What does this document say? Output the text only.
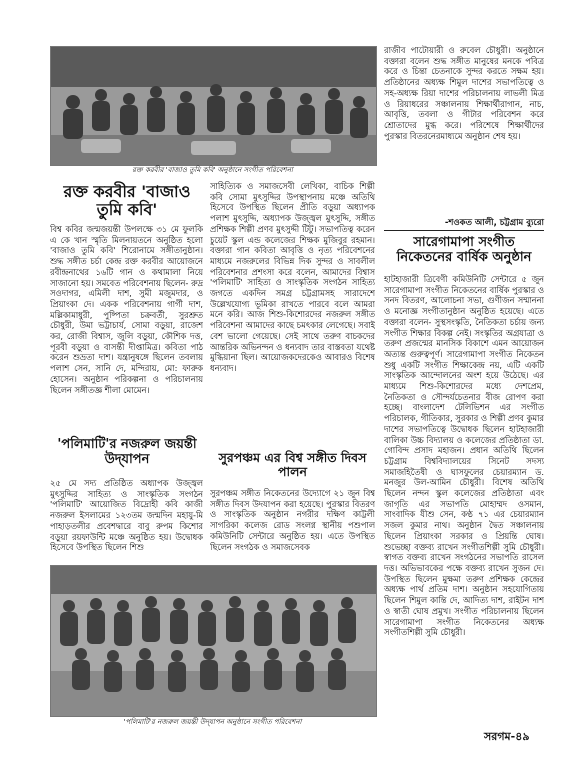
রক্ত করবীর 'বাজাও তুমি কবি' অনুষ্ঠানে সংগীত পরিবেশনা
রক্ত করবীর 'বাজাও তুমি কবি'
বিশ্ব কবির জন্মজয়ন্তী উপলক্ষে ৩১ মে ফুলকি এ কে খান স্মৃতি মিলনায়তনে অনুষ্ঠিত হলো 'বাজাও তুমি কবি' শিরোনামে সঙ্গীতানুষ্ঠান। শুদ্ধ সঙ্গীত চর্চা কেন্দ্র রক্ত করবীর আয়োজনে রবীন্দ্রনাথের ১৬টি গান ও কথামালা নিয়ে সাজানো হয়। সমবেত পরিবেশনায় ছিলেন- রুদ্র সওদাগর, এমিলী দাশ, সুমী মজুমদার, ও প্রিয়াংকা দে। একক পরিবেশনায় গার্গী দাশ, মল্লিকামাধুরী, পুষ্পিতা চক্রবর্তী, সুরশ্রুত চৌধুরী, উমা ভট্টাচার্য, সোমা বড়ুয়া, রাজেশ কর, রোজী বিশ্বাস, জুলি বড়ুয়া, কৌশিক দত্ত, পূরবী বড়ুয়া ও বাসন্তী দীপ্তামিত্র। কবিতা পাঠ করেন শুভ্রতা দাশ। যন্ত্রানুষঙ্গে ছিলেন তবলায় পলাশ সেন, সানি দে, মন্দিরায়, মো: ফারুক হোসেন। অনুষ্ঠান পরিকল্পনা ও পরিচালনায় ছিলেন সঙ্গীতজ্ঞ শীলা মোমেন।
'পলিমাটি'র নজরুল জয়ন্তী উদ্‌যাপন
২৫ মে সদ্য প্রতিষ্ঠিত অধ্যাপক উজ্জ্বল মুৎসুদ্দির সাহিত্য ও সাংস্কৃতিক সংগঠন 'পলিমাটি' আয়োজিত বিদ্রোহী কবি কাজী নজরুল ইসলামের ১২৩তম জন্মদিন মহাযু-মি পাহাড়তলীর প্রবেশদ্বারে বাবু রুপম কিশোর বড়ুয়া রয়ফাউন্টি মঞ্চে অনুষ্ঠিত হয়। উদ্বোধক হিসেবে উপস্থিত ছিলেন শিশু
সাহিত্যিক ও সমাজসেবী লেখিকা, বাচিক শিল্পী কবি সোমা মুৎসুদ্দির উপস্থাপনায় মঞ্চে অতিথি হিসেবে উপস্থিত ছিলেন প্রীতি বড়ুয়া অধ্যাপক পলাশ মুৎসুদ্দি, অধ্যাপক উজ্জ্বল মুৎসুদ্দি, সঙ্গীত প্রশিক্ষক শিল্পী প্রণব মুৎসুদ্দী টিটু। সভাপতিত্ব করেন চুয়েট স্কুল এন্ড কলেজের শিক্ষক মুজিবুর রহমান। বক্তারা গান কবিতা আবৃত্তি ও নৃত্য পরিবেশনের মাধ্যমে নজরুলের বিভিন্ন দিক সুন্দর ও সাবলীল পরিবেশনার প্রশংসা করে বলেন, আমাদের বিশ্বাস 'পলিমাটি' সাহিত্য ও সাংস্কৃতিক সংগঠন সাহিত্য জগতে একদিন সমগ্র চট্টগ্রামসহ সারাদেশে উল্লেখযোগ্য ভূমিকা রাখতে পারবে বলে আমরা মনে করি। আজ শিশু-কিশোরদের নজরুল সঙ্গীত পরিবেশনা আমাদের কাছে চমৎকার লেগেছে। সবাই বেশ ভালো গেয়েছে। সেই সাথে তরুণ বাচকদের আন্তরিক অভিনন্দন ও ধন্যবাদ তার বাস্তবতা যথেষ্ট মুগ্ধিয়ানা ছিল। আয়োজকদেরকেও আবারও বিশেষ ধন্যবাদ।
সুরপঞ্চম এর বিশ্ব সঙ্গীত দিবস পালন
সুরপঞ্চম সঙ্গীত নিকেতনের উদ্যোগে ২১ জুন বিশ্ব সঙ্গীত দিবস উদযাপন করা হয়েছে। পুরস্কার বিতরণ ও সাংস্কৃতিক অনুষ্ঠান নগরীর দক্ষিণ কাট্টলী সাগরিকা কলেজ রোড সংলগ্ন স্থানীয় পশুপাল কমিউনিটি সেন্টারে অনুষ্ঠিত হয়। এতে উপস্থিত ছিলেন সংগঠক ও সমাজসেবক
'পলিমাটি'র নজরুল জয়ন্তী উদ্‌যাপন অনুষ্ঠানে সংগীত পরিবেশনা
রাজীব পাটোয়ারী ও রুবেল চৌধুরী। অনুষ্ঠানে বক্তারা বলেন শুদ্ধ সঙ্গীত মানুষের মনকে পবিত্র করে ও চিন্তা চেতনাকে সুন্দর করতে সক্ষম হয়। প্রতিষ্ঠানের অধ্যক্ষ শিমুল দাশের সভাপতিত্বে ও সহ-অধ্যক্ষ রিয়া দাশের পরিচালনায় লাভলী মিত্র ও রিয়াধরের সঞ্চালনায় শিক্ষার্থীরাগান, নাচ, আবৃত্তি, তবলা ও গীটার পরিবেশন করে শ্রোতাদের মুগ্ধ করে। পরিশেষে শিক্ষার্থীদের পুরস্কার বিতরনেরমাধ্যমে অনুষ্ঠান শেষ হয়।
-শওকত আলী, চট্টগ্রাম ব্যুরো
সারেগামাপা সংগীত নিকেতনের বার্ষিক অনুষ্ঠান
হাটহাজারী ত্রিবেণী কমিউনিটি সেন্টারে ৫ জুন সারেগামাপা সংগীত নিকেতনের বার্ষিক পুরস্কার ও সনদ বিতরণ, আলোচনা সভা, গুণীজন সম্মাননা ও মনোজ্ঞ সংগীতানুষ্ঠান অনুষ্ঠিত হয়েছে। এতে বক্তারা বলেন- সুস্থসংস্কৃতি, নৈতিকতা চর্চায় জন্য সংগীত শিক্ষার বিকল্প নেই। সংস্কৃতির অগ্রযাত্রা ও তরুণ প্রজন্মের মানসিক বিকাশে এমন আয়োজন অত্যন্ত গুরুত্বপূর্ণ। সারেগামাপা সংগীত নিকেতন শুধু একটি সংগীত শিক্ষাকেন্দ্র নয়, এটি একটি সাংস্কৃতিক আন্দোলনের অংশ হয়ে উঠেছে। এর মাধ্যমে শিশু-কিশোরদের মধ্যে দেশপ্রেম, নৈতিকতা ও সৌন্দর্যচেতনার বীজ রোপণ করা হচ্ছে। বাংলাদেশ টেলিভিশন এর সংগীত পরিচালক, গীতিকার, সুরকার ও শিল্পী প্রণব কুমার দাশের সভাপতিত্বে উদ্বোধক ছিলেন হাটহাজারী বালিকা উচ্চ বিদ্যালয় ও কলেজের প্রতিষ্ঠাতা ডা. গোবিন্দ প্রসাদ মহাজন। প্রধান অতিথি ছিলেন চট্টগ্রাম বিশ্ববিদ্যালয়ের সিনেট সদস্য সমাজহিতৈষী ও ঘাসফুলের চেয়ারম্যান ড. মনজুর উল-আমিন চৌধুরী। বিশেষ অতিথি ছিলেন নন্দন স্কুল কলেজের প্রতিষ্ঠাতা এবং জাগৃতি এর সভাপতি মোহাম্মদ ওসমান, সাংবাদিক যীশু সেন, কণ্ঠ ৭১ এর চেয়ারম্যান সজল কুমার নাথ। অনুষ্ঠান দ্বৈত সঞ্চালনায় ছিলেন প্রিয়াংকা সরকার ও প্রিয়ন্তি ঘোষ। শুভেচ্ছা বক্তব্য রাখেন সংগীতশিল্পী সুমি চৌধুরী। স্বাগত বক্তব্য রাখেন সংগঠনের সভাপতি রাসেল দত্ত। অভিভাবকের পক্ষে বক্তব্য রাখেন সুজন দে। উপস্থিত ছিলেন মুক্ষমা তরুণ প্রশিক্ষক কেন্দ্রের অধ্যক্ষ পার্থ প্রতিম দাশ। অনুষ্ঠান সহযোগিতায় ছিলেন শিমুল কান্তি দে, আদিত্য দাশ, রাইটন দাশ ও স্বাতী ঘোষ প্রমুখ। সংগীত পরিচালনায় ছিলেন সারেগামাপা সংগীত নিকেতনের অধ্যক্ষ সংগীতশিল্পী সুমি চৌধুরী।
সরগম-৪৯
